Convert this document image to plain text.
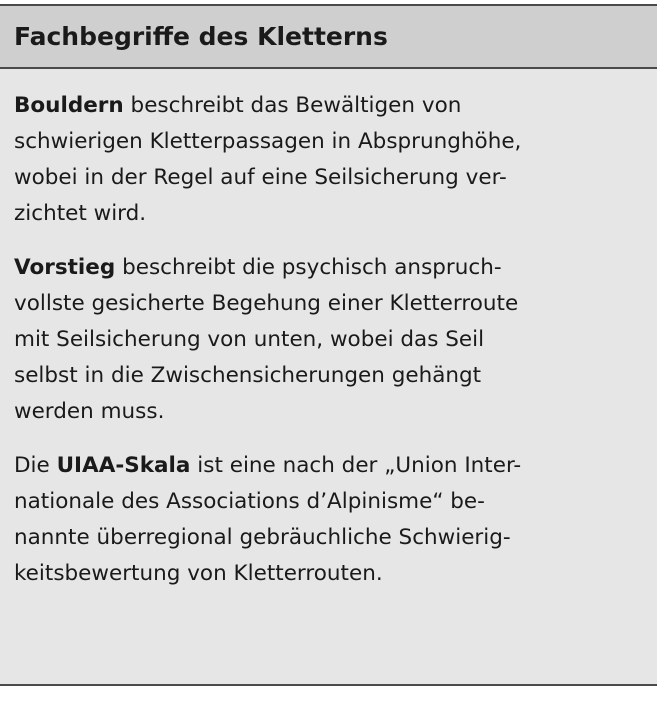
Fachbegriffe des Kletterns

Bouldern beschreibt das Bewältigen von
schwierigen Kletterpassagen in Absprunghöhe,
wobei in der Regel auf eine Seilsicherung ver-
zichtet wird.

Vorstieg beschreibt die psychisch anspruch-
vollste gesicherte Begehung einer Kletterroute
mit Seilsicherung von unten, wobei das Seil
selbst in die Zwischensicherungen gehängt
werden muss.

Die UIAA-Skala ist eine nach der „Union Inter-
nationale des Associations d’Alpinisme“ be-
nannte überregional gebräuchliche Schwierig-
keitsbewertung von Kletterrouten.
